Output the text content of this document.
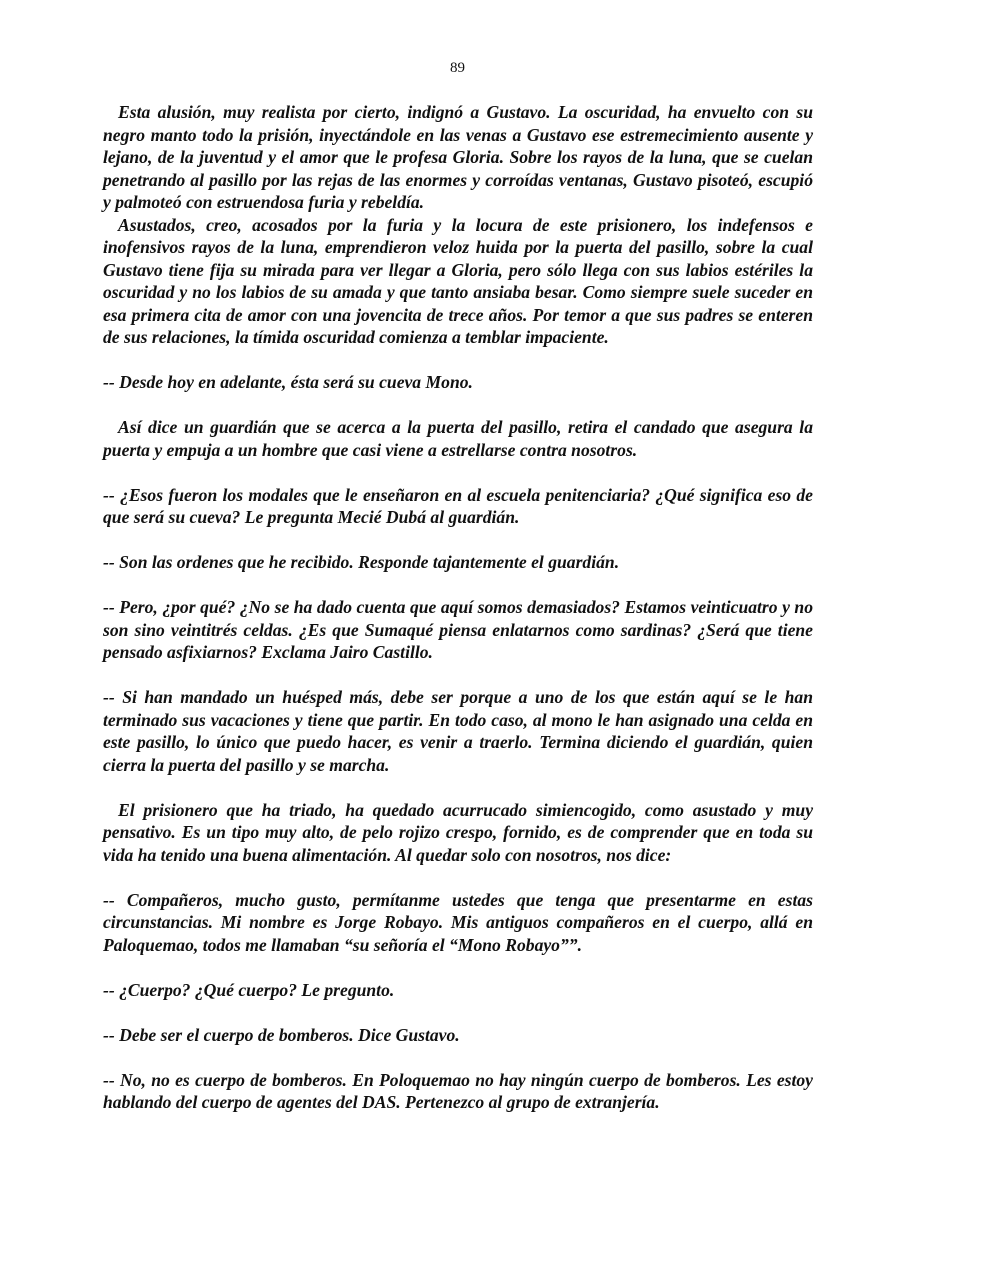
89

Esta alusión, muy realista por cierto, indignó a Gustavo. La oscuridad, ha envuelto con su negro manto todo la prisión, inyectándole en las venas a Gustavo ese estremecimiento ausente y lejano, de la juventud y el amor que le profesa Gloria. Sobre los rayos de la luna, que se cuelan penetrando al pasillo por las rejas de las enormes y corroídas ventanas, Gustavo pisoteó, escupió y palmoteó con estruendosa furia y rebeldía.

Asustados, creo, acosados por la furia y la locura de este prisionero, los indefensos e inofensivos rayos de la luna, emprendieron veloz huida por la puerta del pasillo, sobre la cual Gustavo tiene fija su mirada para ver llegar a Gloria, pero sólo llega con sus labios estériles la oscuridad y no los labios de su amada y que tanto ansiaba besar. Como siempre suele suceder en esa primera cita de amor con una jovencita de trece años. Por temor a que sus padres se enteren de sus relaciones, la tímida oscuridad comienza a temblar impaciente.

-- Desde hoy en adelante, ésta será su cueva Mono.

Así dice un guardián que se acerca a la puerta del pasillo, retira el candado que asegura la puerta y empuja a un hombre que casi viene a estrellarse contra nosotros.

-- ¿Esos fueron los modales que le enseñaron en al escuela penitenciaria? ¿Qué significa eso de que será su cueva? Le pregunta Mecié Dubá al guardián.

-- Son las ordenes que he recibido. Responde tajantemente el guardián.

-- Pero, ¿por qué? ¿No se ha dado cuenta que aquí somos demasiados? Estamos veinticuatro y no son sino veintitrés celdas. ¿Es que Sumaqué piensa enlatarnos como sardinas? ¿Será que tiene pensado asfixiarnos? Exclama Jairo Castillo.

-- Si han mandado un huésped más, debe ser porque a uno de los que están aquí se le han terminado sus vacaciones y tiene que partir. En todo caso, al mono le han asignado una celda en este pasillo, lo único que puedo hacer, es venir a traerlo. Termina diciendo el guardián, quien cierra la puerta del pasillo y se marcha.

El prisionero que ha triado, ha quedado acurrucado simiencogido, como asustado y muy pensativo. Es un tipo muy alto, de pelo rojizo crespo, fornido, es de comprender que en toda su vida ha tenido una buena alimentación. Al quedar solo con nosotros, nos dice:

-- Compañeros, mucho gusto, permítanme ustedes que tenga que presentarme en estas circunstancias. Mi nombre es Jorge Robayo. Mis antiguos compañeros en el cuerpo, allá en Paloquemao, todos me llamaban “su señoría el “Mono Robayo””.

-- ¿Cuerpo? ¿Qué cuerpo? Le pregunto.

-- Debe ser el cuerpo de bomberos. Dice Gustavo.

-- No, no es cuerpo de bomberos. En Poloquemao no hay ningún cuerpo de bomberos. Les estoy hablando del cuerpo de agentes del DAS. Pertenezco al grupo de extranjería.
